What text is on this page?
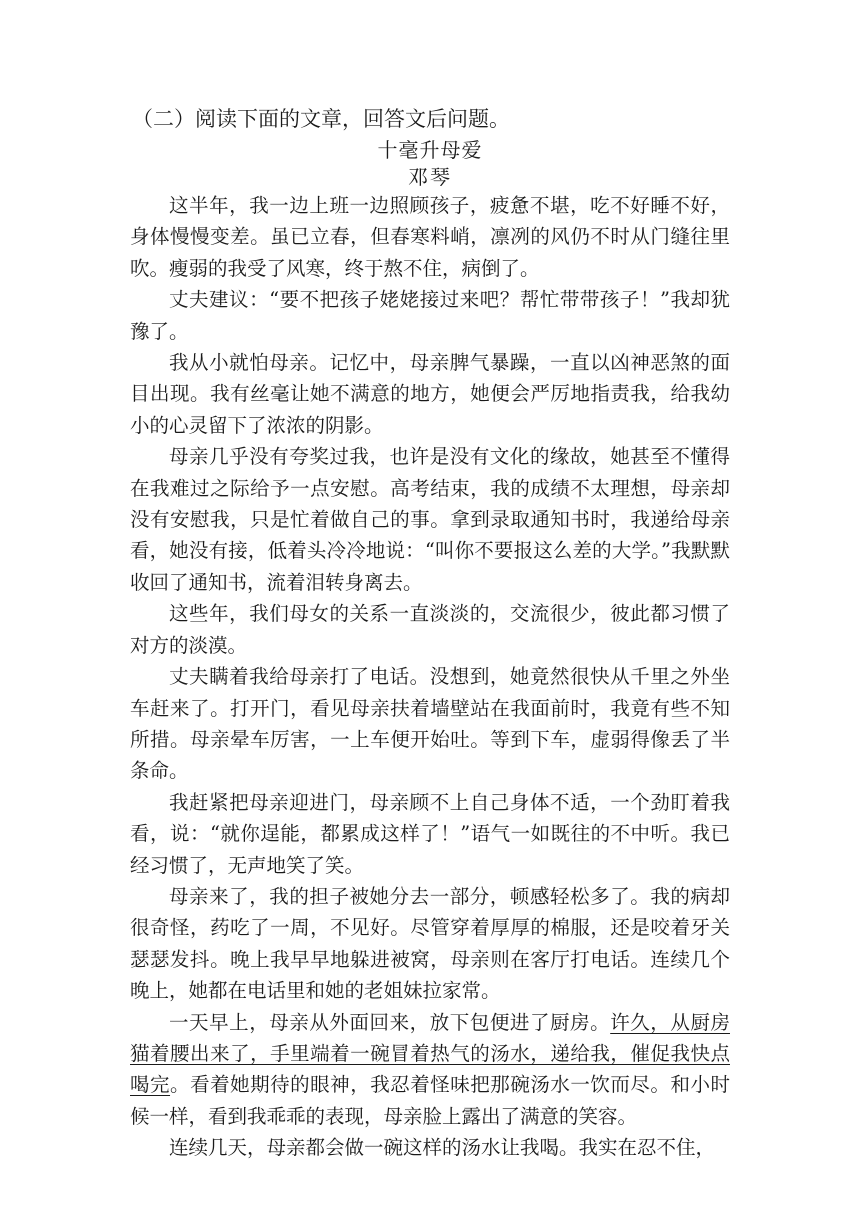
（二）阅读下面的文章，回答文后问题。
十毫升母爱
邓琴

这半年，我一边上班一边照顾孩子，疲惫不堪，吃不好睡不好，身体慢慢变差。虽已立春，但春寒料峭，凛冽的风仍不时从门缝往里吹。瘦弱的我受了风寒，终于熬不住，病倒了。

丈夫建议：“要不把孩子姥姥接过来吧？帮忙带带孩子！”我却犹豫了。

我从小就怕母亲。记忆中，母亲脾气暴躁，一直以凶神恶煞的面目出现。我有丝毫让她不满意的地方，她便会严厉地指责我，给我幼小的心灵留下了浓浓的阴影。

母亲几乎没有夸奖过我，也许是没有文化的缘故，她甚至不懂得在我难过之际给予一点安慰。高考结束，我的成绩不太理想，母亲却没有安慰我，只是忙着做自己的事。拿到录取通知书时，我递给母亲看，她没有接，低着头冷冷地说：“叫你不要报这么差的大学。”我默默收回了通知书，流着泪转身离去。

这些年，我们母女的关系一直淡淡的，交流很少，彼此都习惯了对方的淡漠。

丈夫瞒着我给母亲打了电话。没想到，她竟然很快从千里之外坐车赶来了。打开门，看见母亲扶着墙壁站在我面前时，我竟有些不知所措。母亲晕车厉害，一上车便开始吐。等到下车，虚弱得像丢了半条命。

我赶紧把母亲迎进门，母亲顾不上自己身体不适，一个劲盯着我看，说：“就你逞能，都累成这样了！”语气一如既往的不中听。我已经习惯了，无声地笑了笑。

母亲来了，我的担子被她分去一部分，顿感轻松多了。我的病却很奇怪，药吃了一周，不见好。尽管穿着厚厚的棉服，还是咬着牙关瑟瑟发抖。晚上我早早地躲进被窝，母亲则在客厅打电话。连续几个晚上，她都在电话里和她的老姐妹拉家常。

一天早上，母亲从外面回来，放下包便进了厨房。许久，从厨房猫着腰出来了，手里端着一碗冒着热气的汤水，递给我，催促我快点喝完。看着她期待的眼神，我忍着怪味把那碗汤水一饮而尽。和小时候一样，看到我乖乖的表现，母亲脸上露出了满意的笑容。

连续几天，母亲都会做一碗这样的汤水让我喝。我实在忍不住，
